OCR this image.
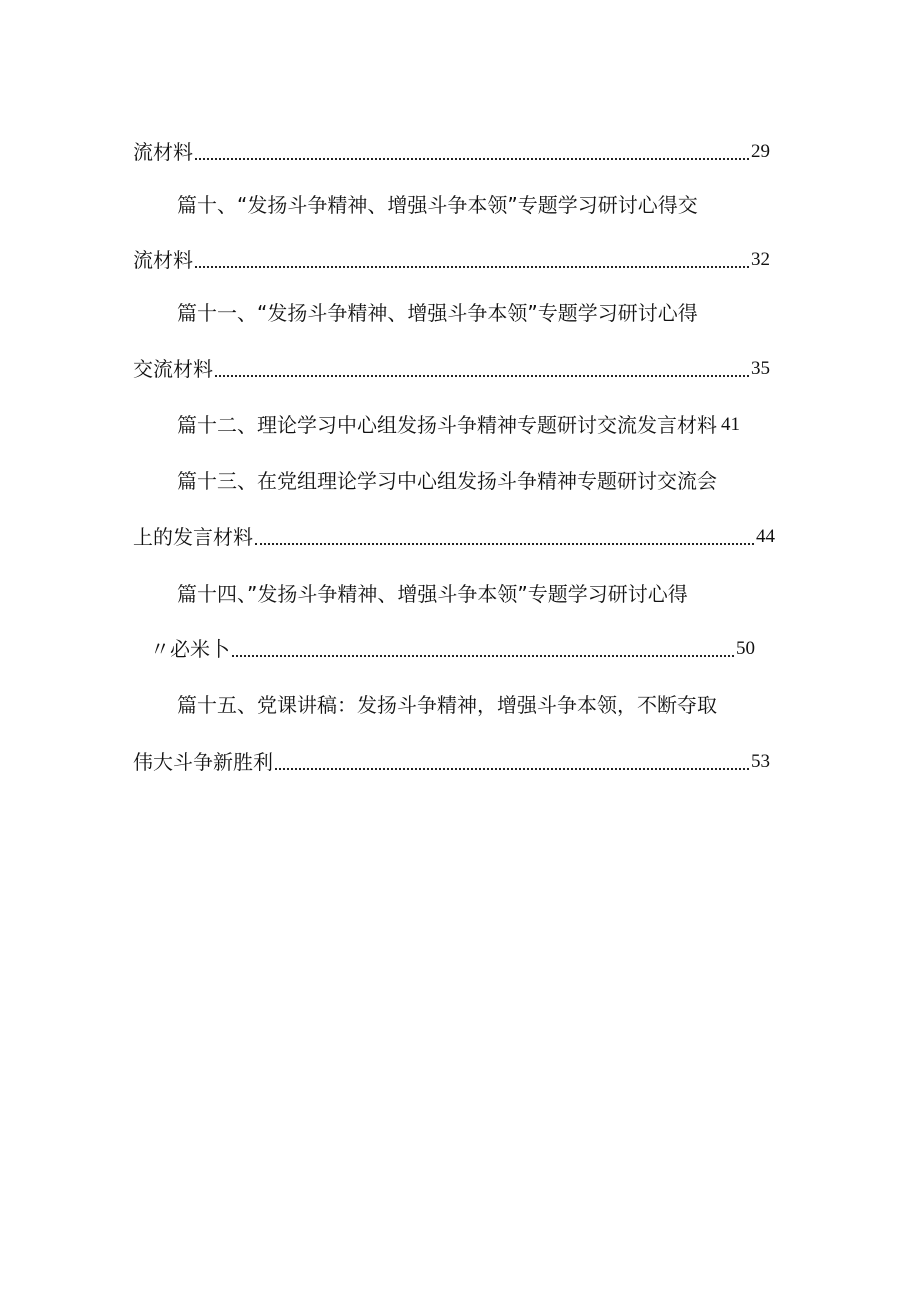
流材料	29
篇十、“发扬斗争精神、增强斗争本领”专题学习研讨心得交
流材料	32
篇十一、“发扬斗争精神、增强斗争本领”专题学习研讨心得
交流材料	35
篇十二、理论学习中心组发扬斗争精神专题研讨交流发言材料 41
篇十三、在党组理论学习中心组发扬斗争精神专题研讨交流会
上的发言材料	44
篇十四、”发扬斗争精神、增强斗争本领”专题学习研讨心得
〃必米卜	50
篇十五、党课讲稿：发扬斗争精神，增强斗争本领，不断夺取
伟大斗争新胜利	53
